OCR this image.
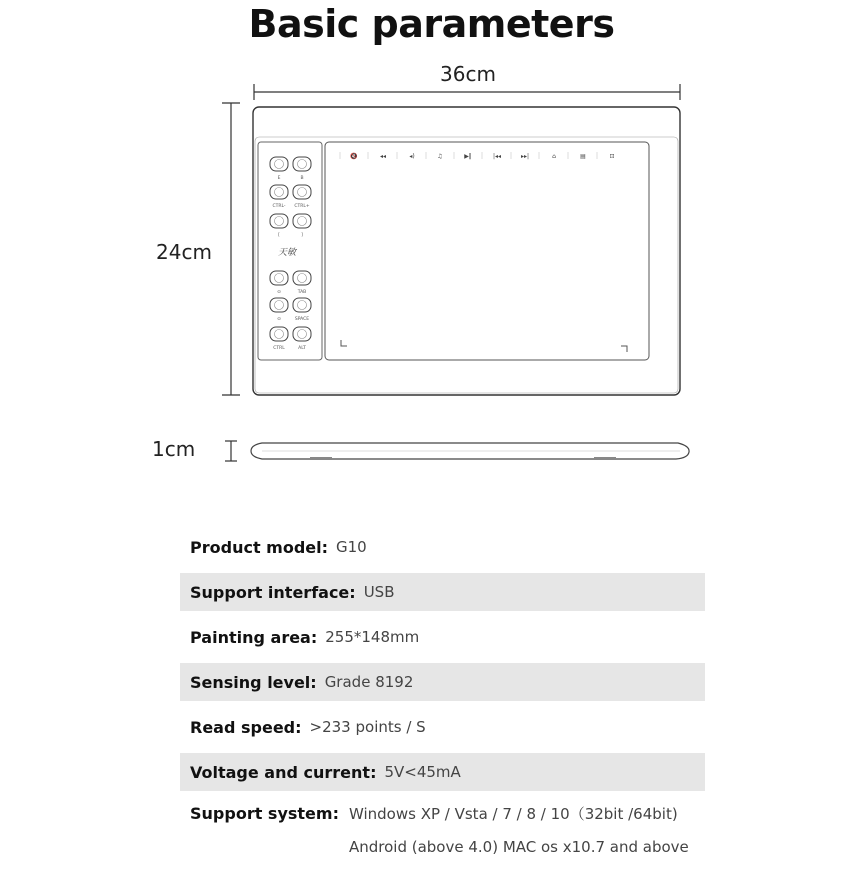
Basic parameters
36cm
24cm
1cm
E	B
CTRL- CTRL+
[	]
⊙	TAB
⊙	SPACE
CTRL	ALT
天敏
🔇	◂◂	◂)	♫	▶‖	|◂◂	▸▸|	⌂	▤	⊡
Product model: G10
Support interface: USB
Painting area: 255*148mm
Sensing level: Grade 8192
Read speed: >233 points / S
Voltage and current: 5V<45mA
Support system: Windows XP / Vsta / 7 / 8 / 10（32bit /64bit)
Android (above 4.0) MAC os x10.7 and above
